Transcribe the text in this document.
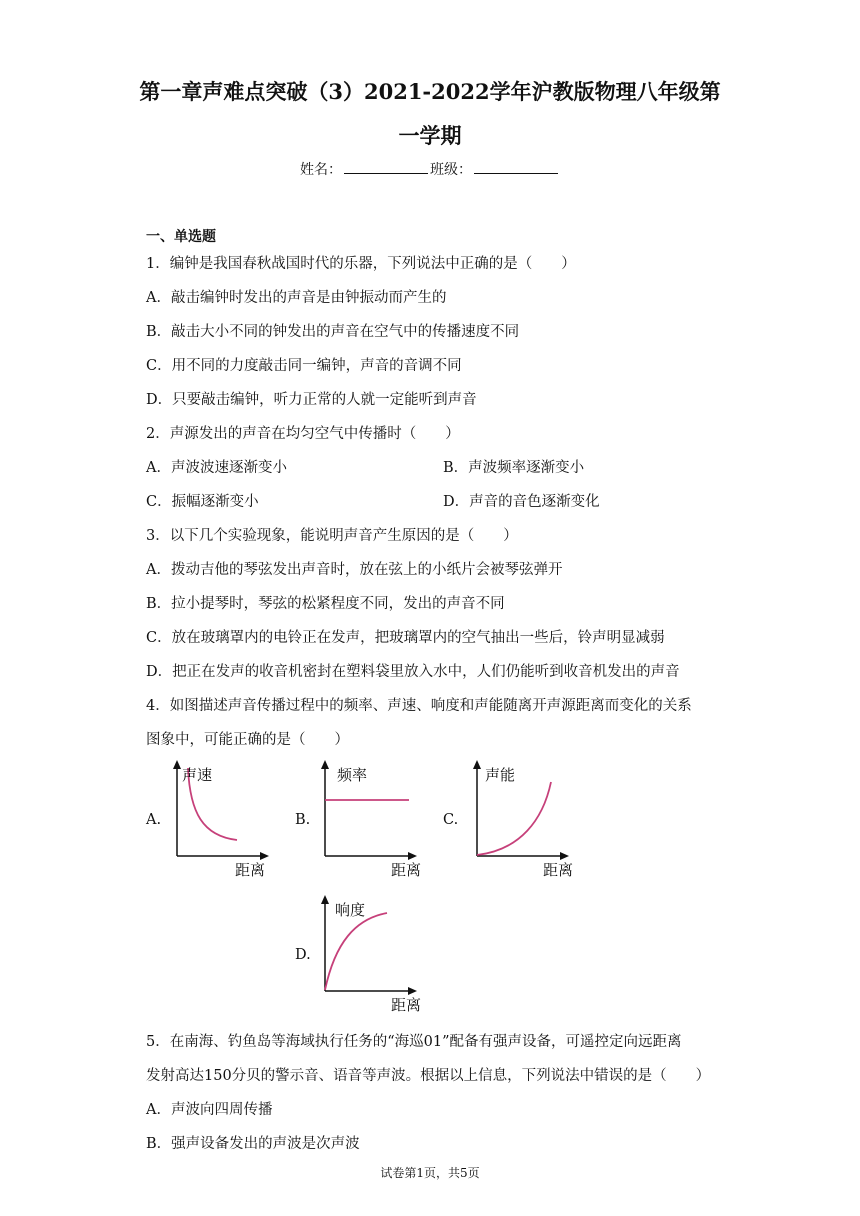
第一章声难点突破（3）2021-2022学年沪教版物理八年级第
一学期
姓名：	班级：
一、单选题
1．编钟是我国春秋战国时代的乐器，下列说法中正确的是（　　）
A．敲击编钟时发出的声音是由钟振动而产生的
B．敲击大小不同的钟发出的声音在空气中的传播速度不同
C．用不同的力度敲击同一编钟，声音的音调不同
D．只要敲击编钟，听力正常的人就一定能听到声音
2．声源发出的声音在均匀空气中传播时（　　）
A．声波波速逐渐变小	B．声波频率逐渐变小
C．振幅逐渐变小	D．声音的音色逐渐变化
3．以下几个实验现象，能说明声音产生原因的是（　　）
A．拨动吉他的琴弦发出声音时，放在弦上的小纸片会被琴弦弹开
B．拉小提琴时，琴弦的松紧程度不同，发出的声音不同
C．放在玻璃罩内的电铃正在发声，把玻璃罩内的空气抽出一些后，铃声明显减弱
D．把正在发声的收音机密封在塑料袋里放入水中，人们仍能听到收音机发出的声音
4．如图描述声音传播过程中的频率、声速、响度和声能随离开声源距离而变化的关系
图象中，可能正确的是（　　）
A.
声速
距离
B.
频率
距离
C.
声能
距离
D.
响度
距离
5．在南海、钓鱼岛等海域执行任务的“海巡01”配备有强声设备，可遥控定向远距离
发射高达150分贝的警示音、语音等声波。根据以上信息，下列说法中错误的是（　　）
A．声波向四周传播
B．强声设备发出的声波是次声波
试卷第1页，共5页
